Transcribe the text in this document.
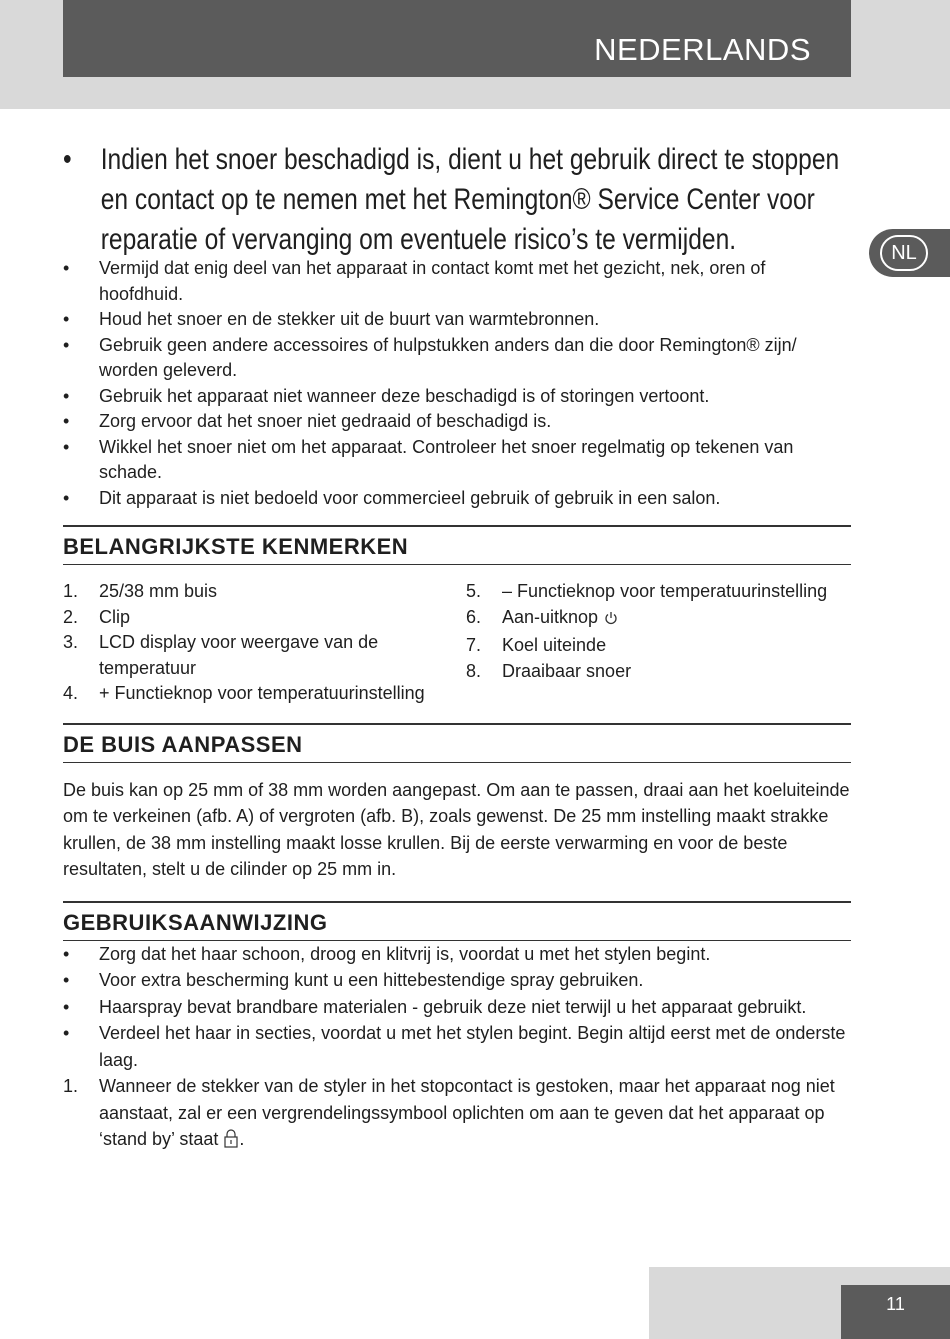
NEDERLANDS
NL
• Indien het snoer beschadigd is, dient u het gebruik direct te stoppen en contact op te nemen met het Remington® Service Center voor reparatie of vervanging om eventuele risico’s te vermijden.
• Vermijd dat enig deel van het apparaat in contact komt met het gezicht, nek, oren of hoofdhuid.
• Houd het snoer en de stekker uit de buurt van warmtebronnen.
• Gebruik geen andere accessoires of hulpstukken anders dan die door Remington® zijn/ worden geleverd.
• Gebruik het apparaat niet wanneer deze beschadigd is of storingen vertoont.
• Zorg ervoor dat het snoer niet gedraaid of beschadigd is.
• Wikkel het snoer niet om het apparaat. Controleer het snoer regelmatig op tekenen van schade.
• Dit apparaat is niet bedoeld voor commercieel gebruik of gebruik in een salon.
BELANGRIJKSTE KENMERKEN
1. 25/38 mm buis
2. Clip
3. LCD display voor weergave van de temperatuur
4. + Functieknop voor temperatuurinstelling
5. – Functieknop voor temperatuurinstelling
6. Aan-uitknop
7. Koel uiteinde
8. Draaibaar snoer
DE BUIS AANPASSEN
De buis kan op 25 mm of 38 mm worden aangepast. Om aan te passen, draai aan het koeluiteinde om te verkeinen (afb. A) of vergroten (afb. B), zoals gewenst. De 25 mm instelling maakt strakke krullen, de 38 mm instelling maakt losse krullen. Bij de eerste verwarming en voor de beste resultaten, stelt u de cilinder op 25 mm in.
GEBRUIKSAANWIJZING
• Zorg dat het haar schoon, droog en klitvrij is, voordat u met het stylen begint.
• Voor extra bescherming kunt u een hittebestendige spray gebruiken.
• Haarspray bevat brandbare materialen - gebruik deze niet terwijl u het apparaat gebruikt.
• Verdeel het haar in secties, voordat u met het stylen begint. Begin altijd eerst met de onderste laag.
1. Wanneer de stekker van de styler in het stopcontact is gestoken, maar het apparaat nog niet aanstaat, zal er een vergrendelingssymbool oplichten om aan te geven dat het apparaat op ‘stand by’ staat .
11
